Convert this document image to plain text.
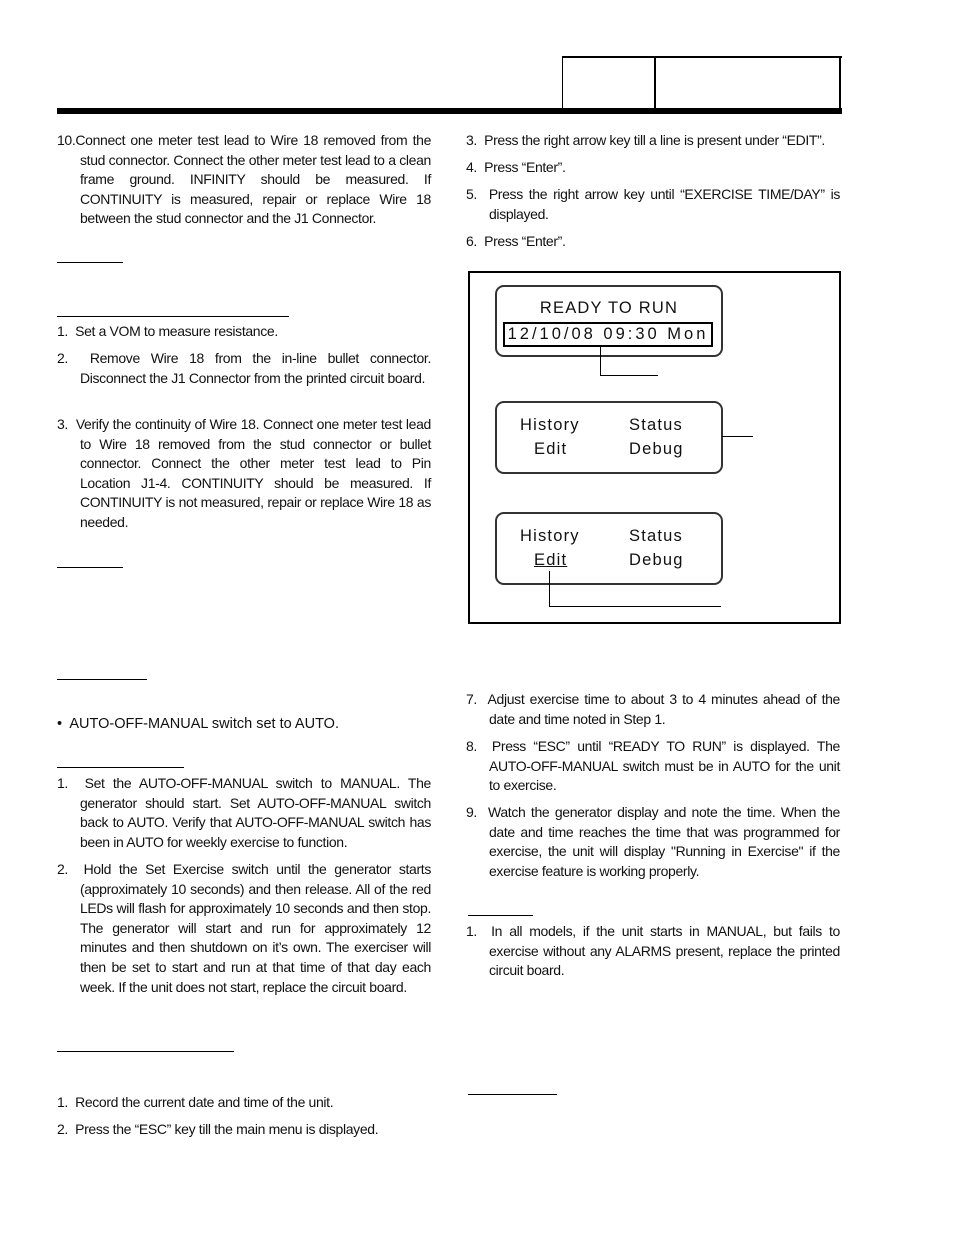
10.Connect one meter test lead to Wire 18 removed from the stud connector. Connect the other meter test lead to a clean frame ground. INFINITY should be measured. If CONTINUITY is measured, repair or replace Wire 18 between the stud connector and the J1 Connector.
1. Set a VOM to measure resistance.
2. Remove Wire 18 from the in-line bullet connector. Disconnect the J1 Connector from the printed circuit board.
3. Verify the continuity of Wire 18. Connect one meter test lead to Wire 18 removed from the stud connector or bullet connector. Connect the other meter test lead to Pin Location J1-4. CONTINUITY should be measured. If CONTINUITY is not measured, repair or replace Wire 18 as needed.
• AUTO-OFF-MANUAL switch set to AUTO.
1. Set the AUTO-OFF-MANUAL switch to MANUAL. The generator should start. Set AUTO-OFF-MANUAL switch back to AUTO. Verify that AUTO-OFF-MANUAL switch has been in AUTO for weekly exercise to function.
2. Hold the Set Exercise switch until the generator starts (approximately 10 seconds) and then release. All of the red LEDs will flash for approximately 10 seconds and then stop. The generator will start and run for approximately 12 minutes and then shutdown on it’s own. The exerciser will then be set to start and run at that time of that day each week. If the unit does not start, replace the circuit board.
1. Record the current date and time of the unit.
2. Press the “ESC” key till the main menu is displayed.
3. Press the right arrow key till a line is present under “EDIT”.
4. Press “Enter”.
5. Press the right arrow key until “EXERCISE TIME/DAY” is displayed.
6. Press “Enter”.
READY TO RUN
12/10/08 09:30 Mon
History	Status
Edit	Debug
History	Status
Edit	Debug
7. Adjust exercise time to about 3 to 4 minutes ahead of the date and time noted in Step 1.
8. Press “ESC” until “READY TO RUN” is displayed. The AUTO-OFF-MANUAL switch must be in AUTO for the unit to exercise.
9. Watch the generator display and note the time. When the date and time reaches the time that was programmed for exercise, the unit will display "Running in Exercise" if the exercise feature is working properly.
1. In all models, if the unit starts in MANUAL, but fails to exercise without any ALARMS present, replace the printed circuit board.
